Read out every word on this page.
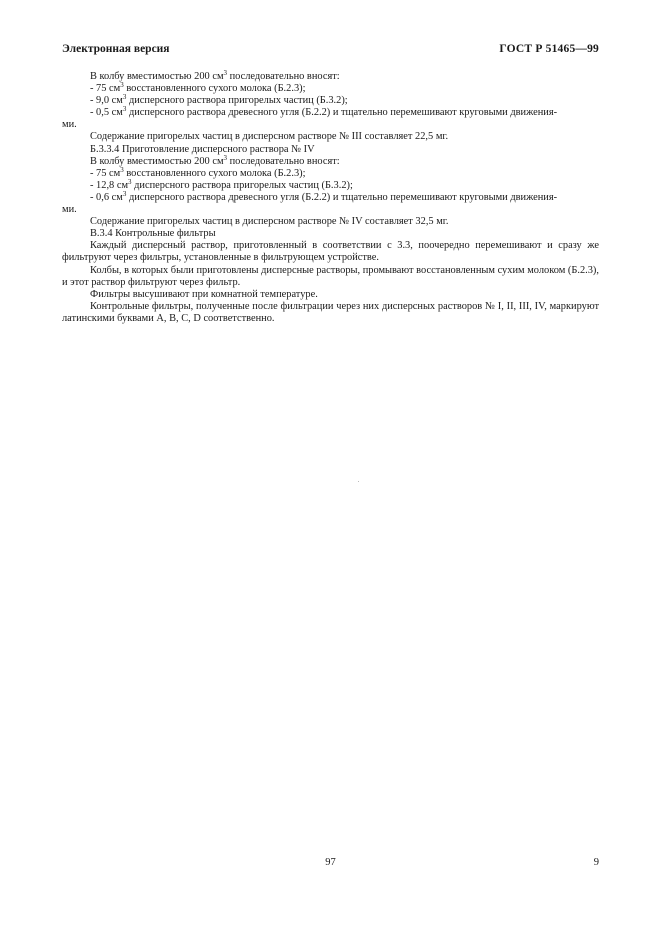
Электронная версия	ГОСТ Р 51465—99

В колбу вместимостью 200 $см^3$ последовательно вносят:

- 75 $см^3$ восстановленного сухого молока (Б.2.3);

- 9,0 $см^3$ дисперсного раствора пригорелых частиц (Б.3.2);

- 0,5 $см^3$ дисперсного раствора древесного угля (Б.2.2) и тщательно перемешивают круговыми движения-

ми.

Содержание пригорелых частиц в дисперсном растворе № III составляет 22,5 мг.

Б.3.3.4 Приготовление дисперсного раствора № IV

В колбу вместимостью 200 $см^3$ последовательно вносят:

- 75 $см^3$ восстановленного сухого молока (Б.2.3);

- 12,8 $см^3$ дисперсного раствора пригорелых частиц (Б.3.2);

- 0,6 $см^3$ дисперсного раствора древесного угля (Б.2.2) и тщательно перемешивают круговыми движения-

ми.

Содержание пригорелых частиц в дисперсном растворе № IV составляет 32,5 мг.

В.3.4 Контрольные фильтры

Каждый дисперсный раствор, приготовленный в соответствии с 3.3, поочередно перемешивают и сразу же фильтруют через фильтры, установленные в фильтрующем устройстве.

Колбы, в которых были приготовлены дисперсные растворы, промывают восстановленным сухим молоком (Б.2.3), и этот раствор фильтруют через фильтр.

Фильтры высушивают при комнатной температуре.

Контрольные фильтры, полученные после фильтрации через них дисперсных растворов № I, II, III, IV, маркируют латинскими буквами А, В, С, D соответственно.

97	9
